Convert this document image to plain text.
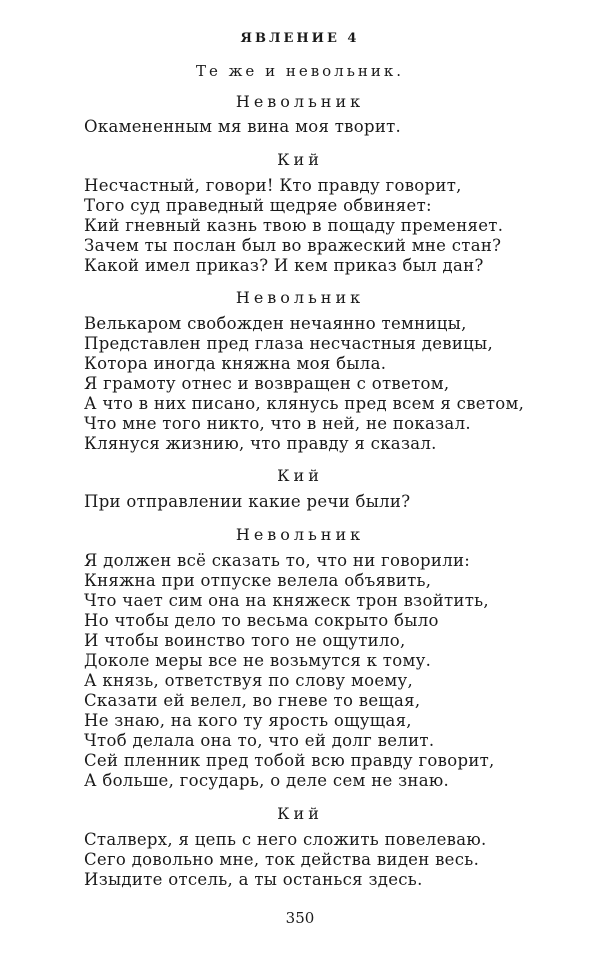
ЯВЛЕНИЕ 4
Те же и невольник.
Невольник
Окамененным мя вина моя творит.
Кий
Несчастный, говори! Кто правду говорит,
Того суд праведный щедряе обвиняет:
Кий гневный казнь твою в пощаду пременяет.
Зачем ты послан был во вражеский мне стан?
Какой имел приказ? И кем приказ был дан?
Невольник
Велькаром свобожден нечаянно темницы,
Представлен пред глаза несчастныя девицы,
Котора иногда княжна моя была.
Я грамоту отнес и возвращен с ответом,
А что в них писано, клянусь пред всем я светом,
Что мне того никто, что в ней, не показал.
Клянуся жизнию, что правду я сказал.
Кий
При отправлении какие речи были?
Невольник
Я должен всё сказать то, что ни говорили:
Княжна при отпуске велела объявить,
Что чает сим она на княжеск трон взойтить,
Но чтобы дело то весьма сокрыто было
И чтобы воинство того не ощутило,
Доколе меры все не возьмутся к тому.
А князь, ответствуя по слову моему,
Сказати ей велел, во гневе то вещая,
Не знаю, на кого ту ярость ощущая,
Чтоб делала она то, что ей долг велит.
Сей пленник пред тобой всю правду говорит,
А больше, государь, о деле сем не знаю.
Кий
Сталверх, я цепь с него сложить повелеваю.
Сего довольно мне, ток действа виден весь.
Изыдите отсель, а ты останься здесь.
350
